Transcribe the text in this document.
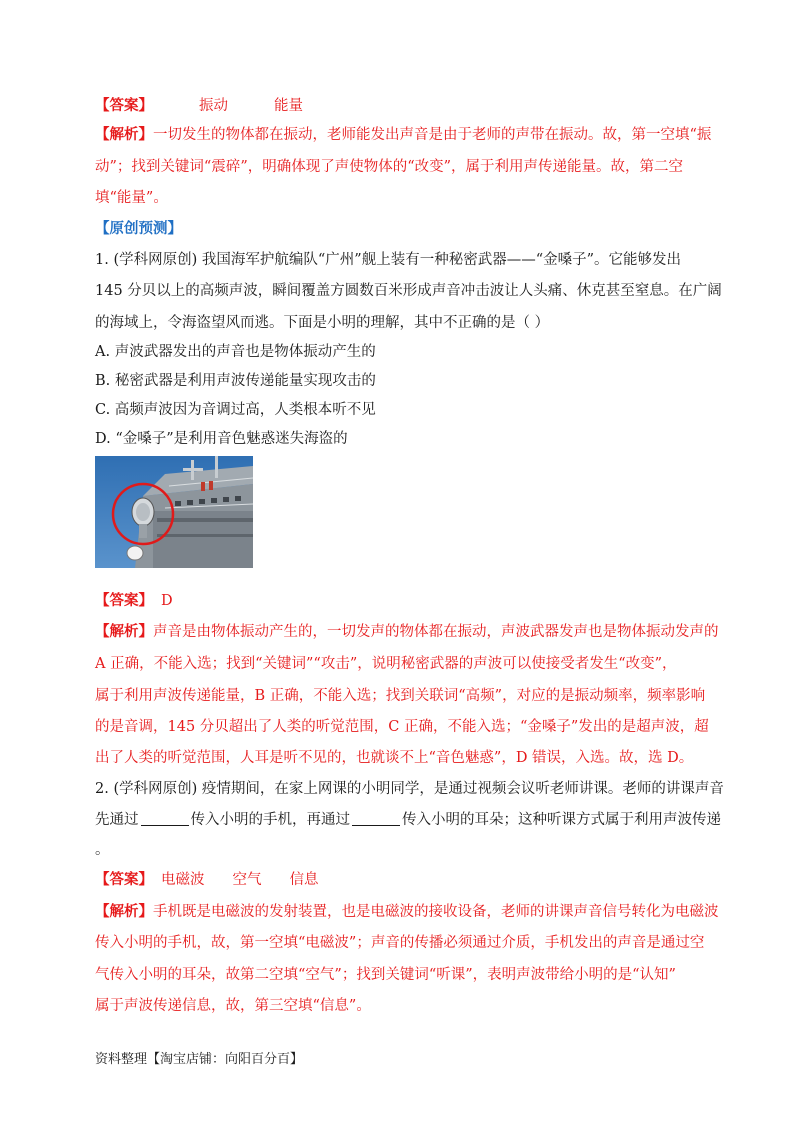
【答案】	振动	能量
【解析】一切发生的物体都在振动，老师能发出声音是由于老师的声带在振动。故，第一空填“振
动”；找到关键词“震碎”，明确体现了声使物体的“改变”，属于利用声传递能量。故，第二空
填“能量”。
【原创预测】
1. (学科网原创) 我国海军护航编队“广州”舰上装有一种秘密武器——“金嗓子”。它能够发出
145 分贝以上的高频声波，瞬间覆盖方圆数百米形成声音冲击波让人头痛、休克甚至窒息。在广阔
的海域上，令海盗望风而逃。下面是小明的理解，其中不正确的是（ ）
A. 声波武器发出的声音也是物体振动产生的
B. 秘密武器是利用声波传递能量实现攻击的
C. 高频声波因为音调过高，人类根本听不见
D. “金嗓子”是利用音色魅惑迷失海盗的
【答案】 D
【解析】声音是由物体振动产生的，一切发声的物体都在振动，声波武器发声也是物体振动发声的
A 正确，不能入选；找到“关键词”“攻击”，说明秘密武器的声波可以使接受者发生“改变”，
属于利用声波传递能量，B 正确，不能入选；找到关联词“高频”，对应的是振动频率，频率影响
的是音调，145 分贝超出了人类的听觉范围，C 正确，不能入选；“金嗓子”发出的是超声波，超
出了人类的听觉范围，人耳是听不见的，也就谈不上“音色魅惑”，D 错误，入选。故，选 D。
2. (学科网原创) 疫情期间，在家上网课的小明同学，是通过视频会议听老师讲课。老师的讲课声音
先通过	传入小明的手机，再通过	传入小明的耳朵；这种听课方式属于利用声波传递
。
【答案】 电磁波 空气 信息
【解析】手机既是电磁波的发射装置，也是电磁波的接收设备，老师的讲课声音信号转化为电磁波
传入小明的手机，故，第一空填“电磁波”；声音的传播必须通过介质，手机发出的声音是通过空
气传入小明的耳朵，故第二空填“空气”；找到关键词“听课”，表明声波带给小明的是“认知”
属于声波传递信息，故，第三空填“信息”。
资料整理【淘宝店铺：向阳百分百】
